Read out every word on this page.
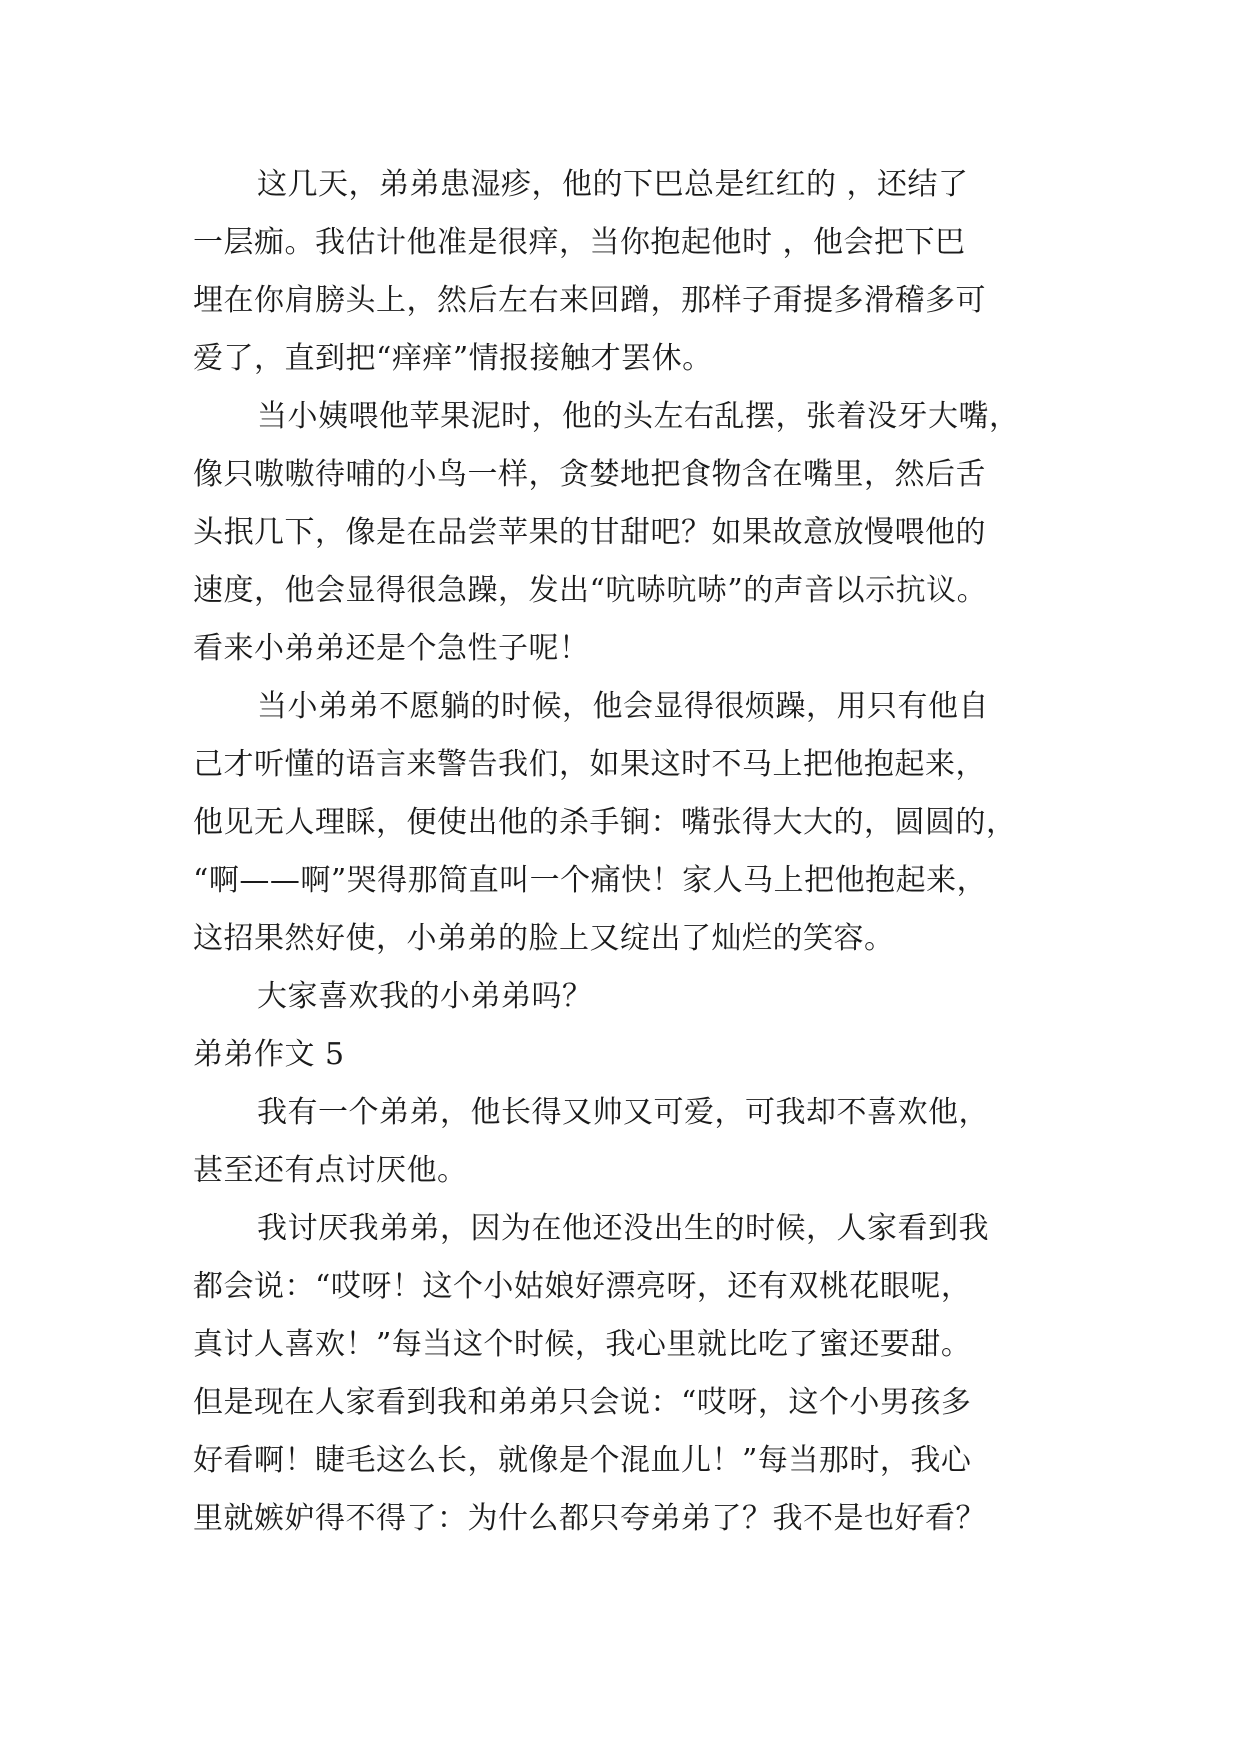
这几天，弟弟患湿疹，他的下巴总是红红的 ，还结了
一层痂。我估计他准是很痒，当你抱起他时 ，他会把下巴
埋在你肩膀头上，然后左右来回蹭，那样子甭提多滑稽多可
爱了，直到把“痒痒”情报接触才罢休。
当小姨喂他苹果泥时，他的头左右乱摆，张着没牙大嘴，
像只嗷嗷待哺的小鸟一样，贪婪地把食物含在嘴里，然后舌
头抿几下，像是在品尝苹果的甘甜吧？如果故意放慢喂他的
速度，他会显得很急躁，发出“吭哧吭哧”的声音以示抗议。
看来小弟弟还是个急性子呢！
当小弟弟不愿躺的时候，他会显得很烦躁，用只有他自
己才听懂的语言来警告我们，如果这时不马上把他抱起来，
他见无人理睬，便使出他的杀手锏：嘴张得大大的，圆圆的，
“啊——啊”哭得那简直叫一个痛快！家人马上把他抱起来，
这招果然好使，小弟弟的脸上又绽出了灿烂的笑容。
大家喜欢我的小弟弟吗？
弟弟作文 5
我有一个弟弟，他长得又帅又可爱，可我却不喜欢他，
甚至还有点讨厌他。
我讨厌我弟弟，因为在他还没出生的时候，人家看到我
都会说：“哎呀！这个小姑娘好漂亮呀，还有双桃花眼呢，
真讨人喜欢！”每当这个时候，我心里就比吃了蜜还要甜。
但是现在人家看到我和弟弟只会说：“哎呀，这个小男孩多
好看啊！睫毛这么长，就像是个混血儿！”每当那时，我心
里就嫉妒得不得了：为什么都只夸弟弟了？我不是也好看？
